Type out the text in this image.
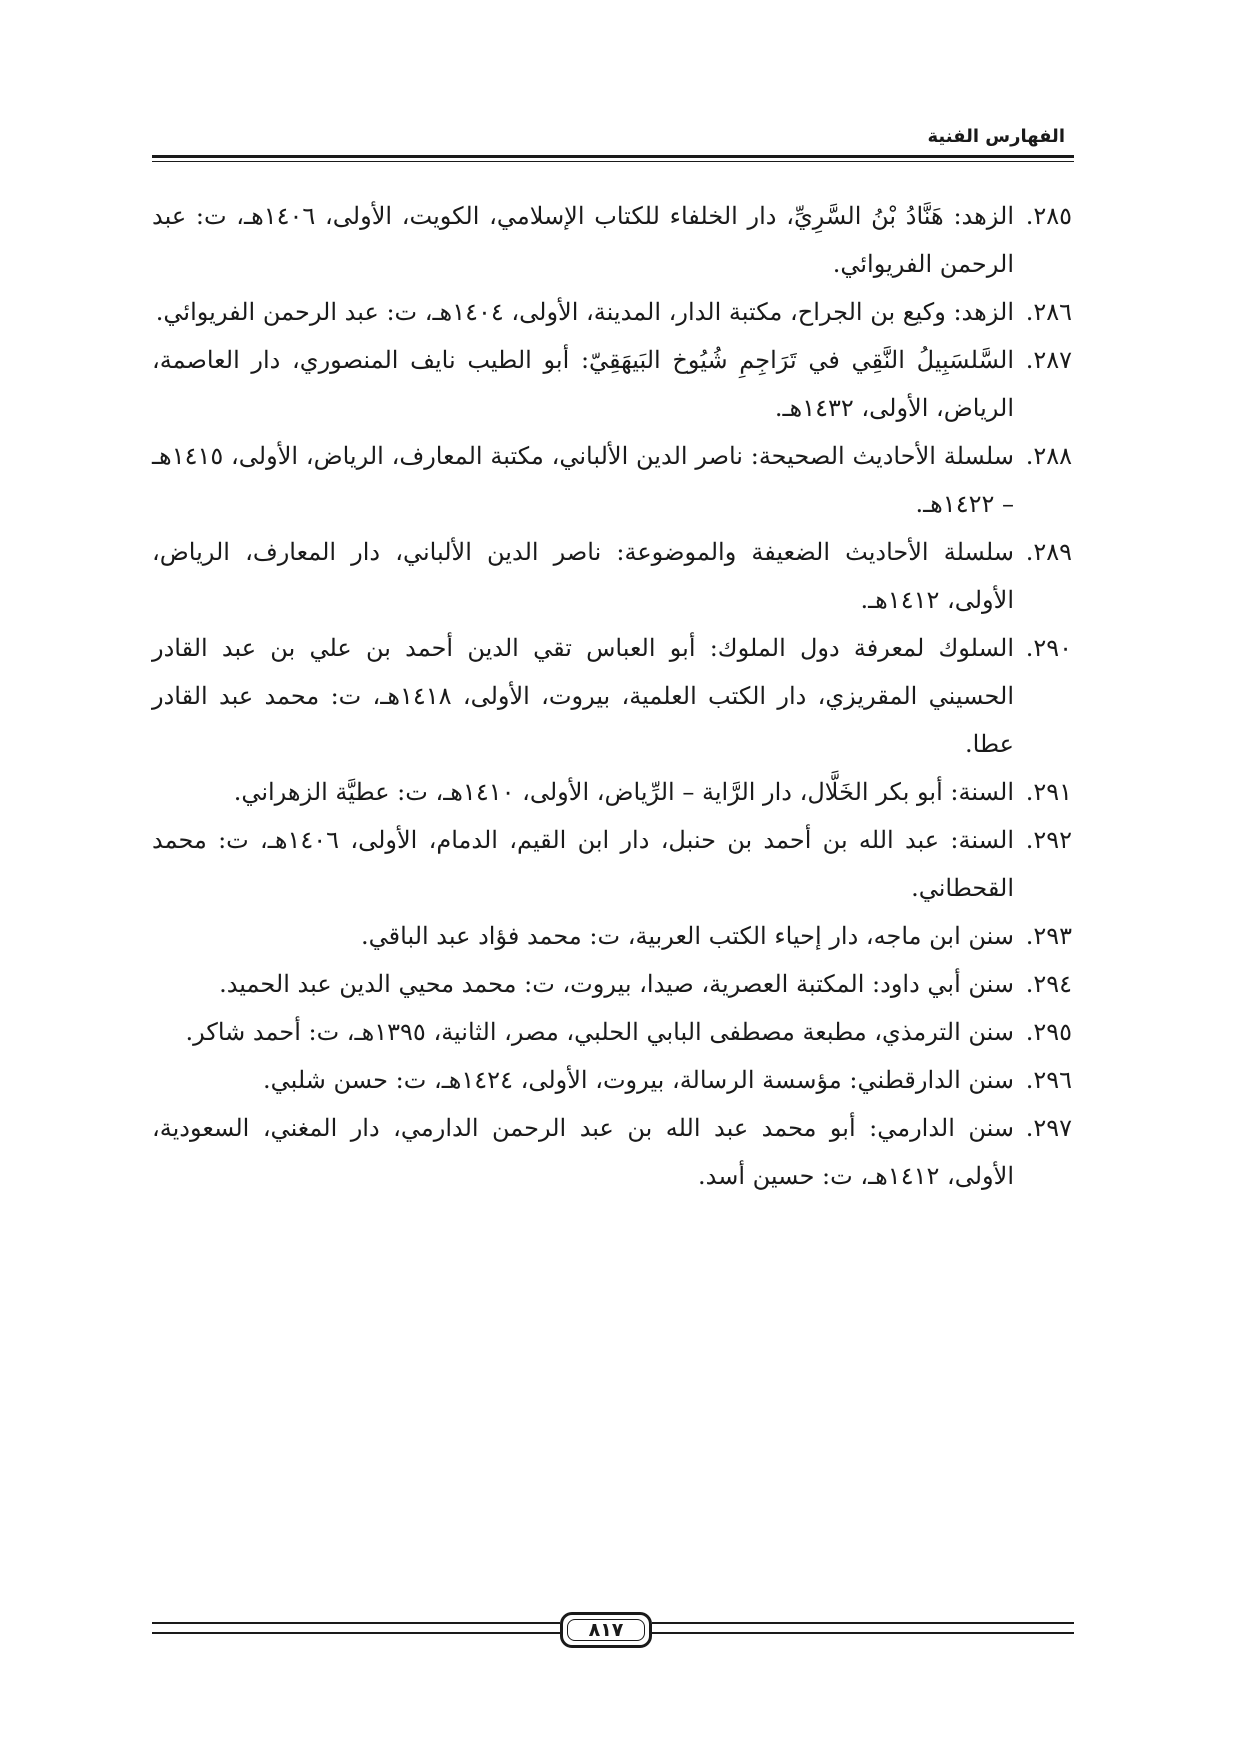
الفهارس الفنية

٢٨٥.
الزهد: هَنَّادُ بْنُ السَّرِيِّ، دار الخلفاء للكتاب الإسلامي، الكويت، الأولى، ١٤٠٦هـ، ت: عبد الرحمن الفريوائي.

٢٨٦.
الزهد: وكيع بن الجراح، مكتبة الدار، المدينة، الأولى، ١٤٠٤هـ، ت: عبد الرحمن الفريوائي.

٢٨٧.
السَّلسَبِيلُ النَّقِي في تَرَاجِمِ شُيُوخ البَيهَقِيّ: أبو الطيب نايف المنصوري، دار العاصمة، الرياض، الأولى، ١٤٣٢هـ.

٢٨٨.
سلسلة الأحاديث الصحيحة: ناصر الدين الألباني، مكتبة المعارف، الرياض، الأولى، ١٤١٥هـ – ١٤٢٢هـ.

٢٨٩.
سلسلة الأحاديث الضعيفة والموضوعة: ناصر الدين الألباني، دار المعارف، الرياض، الأولى، ١٤١٢هـ.

٢٩٠.
السلوك لمعرفة دول الملوك: أبو العباس تقي الدين أحمد بن علي بن عبد القادر الحسيني المقريزي، دار الكتب العلمية، بيروت، الأولى، ١٤١٨هـ، ت: محمد عبد القادر عطا.

٢٩١.
السنة: أبو بكر الخَلَّال، دار الرَّاية – الرِّياض، الأولى، ١٤١٠هـ، ت: عطيَّة الزهراني.

٢٩٢.
السنة: عبد الله بن أحمد بن حنبل، دار ابن القيم، الدمام، الأولى، ١٤٠٦هـ، ت: محمد القحطاني.

٢٩٣.
سنن ابن ماجه، دار إحياء الكتب العربية، ت: محمد فؤاد عبد الباقي.

٢٩٤.
سنن أبي داود: المكتبة العصرية، صيدا، بيروت، ت: محمد محيي الدين عبد الحميد.

٢٩٥.
سنن الترمذي، مطبعة مصطفى البابي الحلبي، مصر، الثانية، ١٣٩٥هـ، ت: أحمد شاكر.

٢٩٦.
سنن الدارقطني: مؤسسة الرسالة، بيروت، الأولى، ١٤٢٤هـ، ت: حسن شلبي.

٢٩٧.
سنن الدارمي: أبو محمد عبد الله بن عبد الرحمن الدارمي، دار المغني، السعودية، الأولى، ١٤١٢هـ، ت: حسين أسد.

٨١٧
